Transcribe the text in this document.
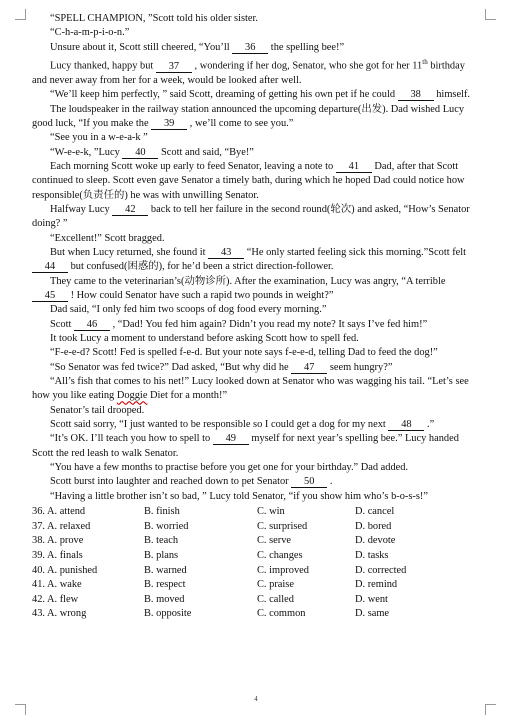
“SPELL CHAMPION, ”Scott told his older sister.

“C-h-a-m-p-i-o-n.”

Unsure about it, Scott still cheered, “You’ll 36 the spelling bee!”

Lucy thanked, happy but 37 , wondering if her dog, Senator, who she got for her 11th birthday and never away from her for a week, would be looked after well.

“We’ll keep him perfectly, ” said Scott, dreaming of getting his own pet if he could 38 himself.

The loudspeaker in the railway station announced the upcoming departure(出发). Dad wished Lucy good luck, “If you make the 39 , we’ll come to see you.”

“See you in a w-e-a-k ”

“W-e-e-k, ”Lucy 40 Scott and said, “Bye!”

Each morning Scott woke up early to feed Senator, leaving a note to 41 Dad, after that Scott continued to sleep. Scott even gave Senator a timely bath, during which he hoped Dad could notice how responsible(负责任的) he was with unwilling Senator.

Halfway Lucy 42 back to tell her failure in the second round(轮次) and asked, “How’s Senator doing? ”

“Excellent!” Scott bragged.

But when Lucy returned, she found it 43 “He only started feeling sick this morning.”Scott felt 44 but confused(困惑的), for he’d been a strict direction-follower.

They came to the veterinarian’s(动物诊所). After the examination, Lucy was angry, “A terrible 45 ! How could Senator have such a rapid two pounds in weight?”

Dad said, “I only fed him two scoops of dog food every morning.”

Scott 46 , “Dad! You fed him again? Didn’t you read my note? It says I’ve fed him!”

It took Lucy a moment to understand before asking Scott how to spell fed.

“F-e-e-d? Scott! Fed is spelled f-e-d. But your note says f-e-e-d, telling Dad to feed the dog!”

“So Senator was fed twice?” Dad asked, “But why did he 47 seem hungry?”

“All’s fish that comes to his net!” Lucy looked down at Senator who was wagging his tail. “Let’s see how you like eating Doggie Diet for a month!”

Senator’s tail drooped.

Scott said sorry, “I just wanted to be responsible so I could get a dog for my next 48 .”

“It’s OK. I’ll teach you how to spell to 49 myself for next year’s spelling bee.” Lucy handed Scott the red leash to walk Senator.

“You have a few months to practise before you get one for your birthday.” Dad added.

Scott burst into laughter and reached down to pet Senator 50 .

“Having a little brother isn’t so bad, ” Lucy told Senator, “if you show him who’s b-o-s-s!”

36. A. attend	B. finish	C. win	D. cancel
37. A. relaxed	B. worried	C. surprised	D. bored
38. A. prove	B. teach	C. serve	D. devote
39. A. finals	B. plans	C. changes	D. tasks
40. A. punished	B. warned	C. improved	D. corrected
41. A. wake	B. respect	C. praise	D. remind
42. A. flew	B. moved	C. called	D. went
43. A. wrong	B. opposite	C. common	D. same
4
